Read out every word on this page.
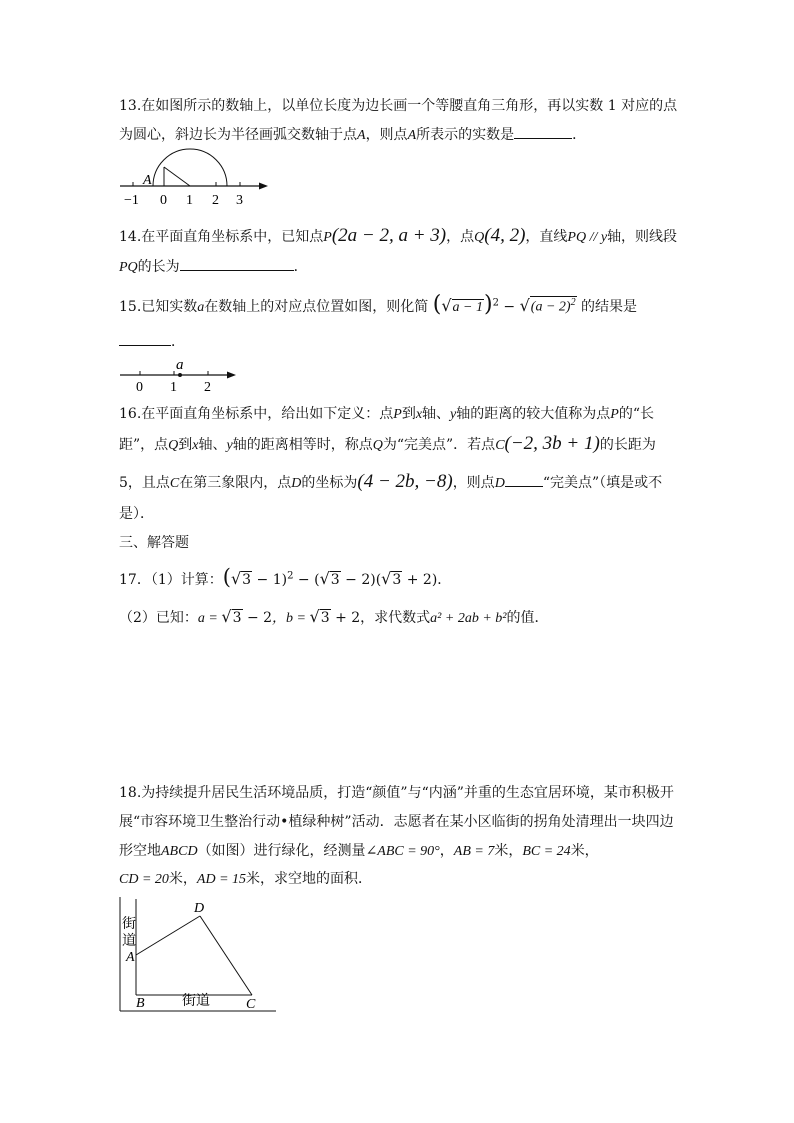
13.在如图所示的数轴上，以单位长度为边长画一个等腰直角三角形，再以实数 1 对应的点
为圆心，斜边长为半径画弧交数轴于点A，则点A所表示的实数是	．
A
−1 0 1 2 3
14.在平面直角坐标系中，已知点P(2a − 2, a + 3)，点Q(4, 2)，直线PQ // y轴，则线段
PQ的长为	．
15.已知实数a在数轴上的对应点位置如图，则化简 $(√a - 1)^2 - √(a - 2)^2$ 的结果是
．
a
0 1 2
16.在平面直角坐标系中，给出如下定义：点P到x轴、y轴的距离的较大值称为点P的“长
距”，点Q到x轴、y轴的距离相等时，称点Q为“完美点”．若点C(−2, 3b + 1)的长距为
5，且点C在第三象限内，点D的坐标为(4 − 2b, −8)，则点D	“完美点”（填是或不
是）．
三、解答题
17．（1）计算：$(√3 - 1)^2 - (√3 - 2)(√3 + 2)$．
（2）已知：a = √3 − 2，b = √3 + 2，求代数式a² + 2ab + b²的值．
18.为持续提升居民生活环境品质，打造“颜值”与“内涵”并重的生态宜居环境，某市积极开
展“市容环境卫生整治行动•植绿种树”活动．志愿者在某小区临街的拐角处清理出一块四边
形空地ABCD（如图）进行绿化，经测量∠ABC = 90°，AB = 7米，BC = 24米，
CD = 20米，AD = 15米，求空地的面积．
街
道
街道
A
B	C
D
